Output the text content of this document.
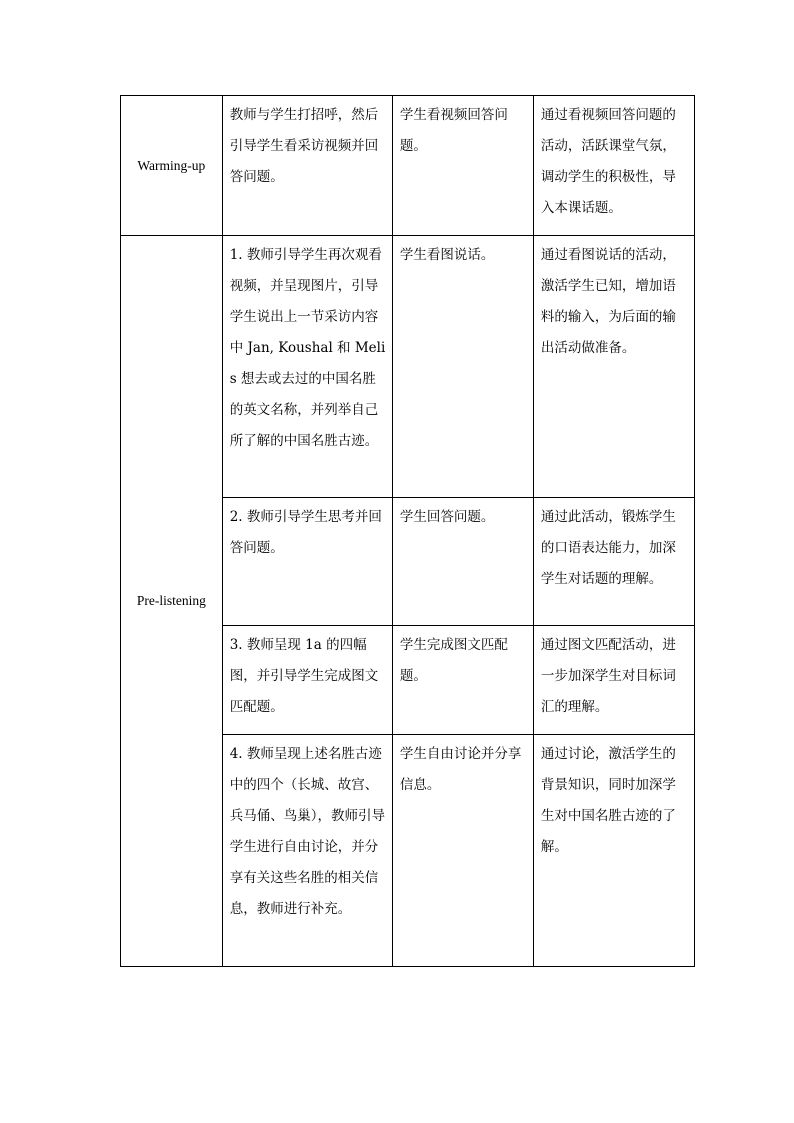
Warming-up	教师与学生打招呼，然后引导学生看采访视频并回答问题。	学生看视频回答问题。	通过看视频回答问题的活动，活跃课堂气氛，调动学生的积极性，导入本课话题。

Pre-listening	1. 教师引导学生再次观看视频，并呈现图片，引导学生说出上一节采访内容中 Jan, Koushal 和 Meli s 想去或去过的中国名胜的英文名称，并列举自己所了解的中国名胜古迹。	学生看图说话。	通过看图说话的活动，激活学生已知，增加语料的输入，为后面的输出活动做准备。

	2. 教师引导学生思考并回答问题。	学生回答问题。	通过此活动，锻炼学生的口语表达能力，加深学生对话题的理解。

	3. 教师呈现 1a 的四幅图，并引导学生完成图文匹配题。	学生完成图文匹配题。	通过图文匹配活动，进一步加深学生对目标词汇的理解。

	4. 教师呈现上述名胜古迹中的四个（长城、故宫、兵马俑、鸟巢），教师引导学生进行自由讨论，并分享有关这些名胜的相关信息，教师进行补充。	学生自由讨论并分享信息。	通过讨论，激活学生的背景知识，同时加深学生对中国名胜古迹的了解。
